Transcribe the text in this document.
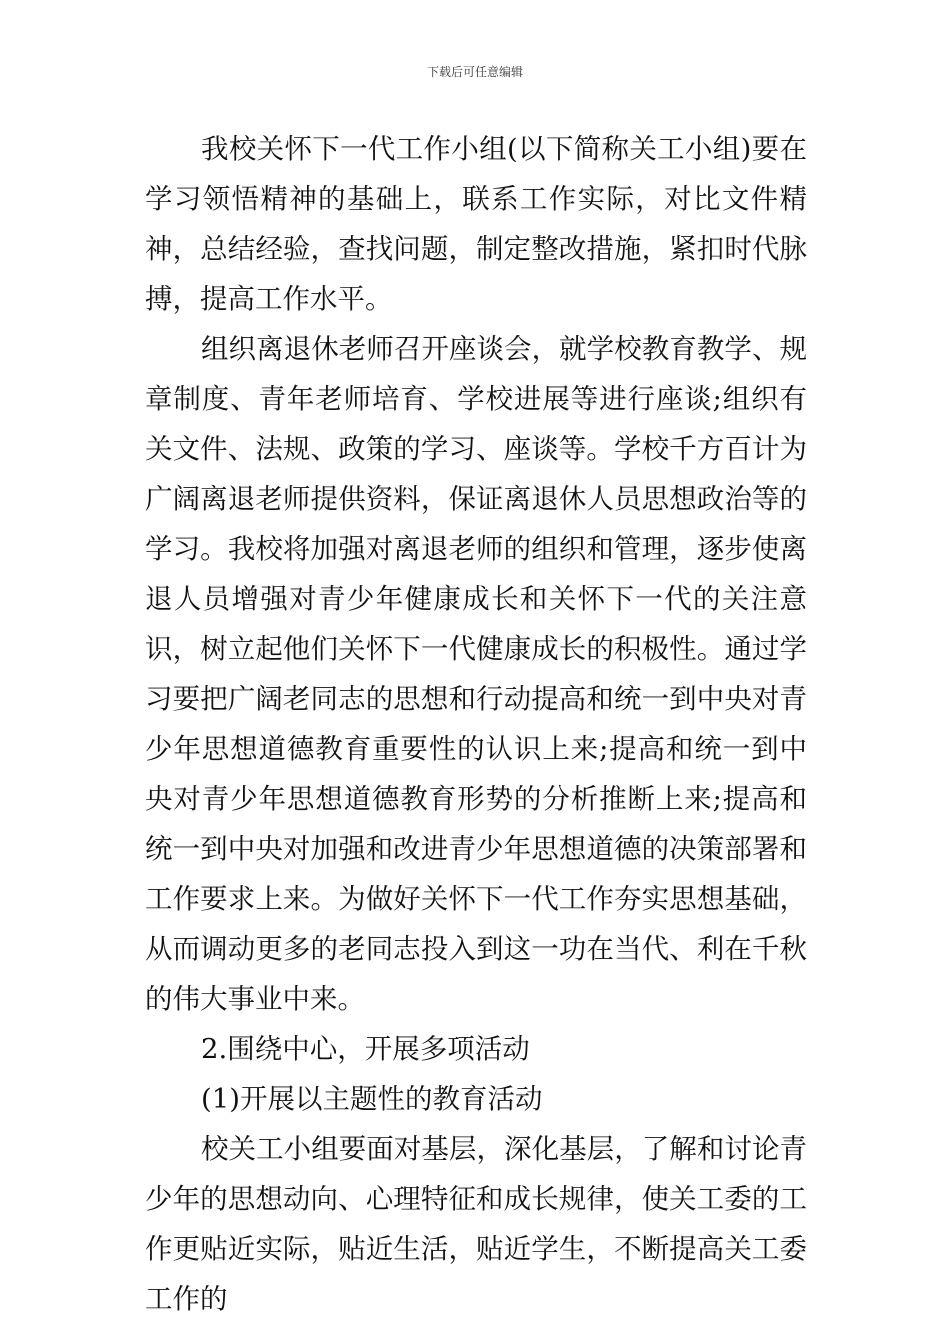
下载后可任意编辑

我校关怀下一代工作小组(以下简称关工小组)要在学习领悟精神的基础上，联系工作实际，对比文件精神，总结经验，查找问题，制定整改措施，紧扣时代脉搏，提高工作水平。

组织离退休老师召开座谈会，就学校教育教学、规章制度、青年老师培育、学校进展等进行座谈;组织有关文件、法规、政策的学习、座谈等。学校千方百计为广阔离退老师提供资料，保证离退休人员思想政治等的学习。我校将加强对离退老师的组织和管理，逐步使离退人员增强对青少年健康成长和关怀下一代的关注意识，树立起他们关怀下一代健康成长的积极性。通过学习要把广阔老同志的思想和行动提高和统一到中央对青少年思想道德教育重要性的认识上来;提高和统一到中央对青少年思想道德教育形势的分析推断上来;提高和统一到中央对加强和改进青少年思想道德的决策部署和工作要求上来。为做好关怀下一代工作夯实思想基础，从而调动更多的老同志投入到这一功在当代、利在千秋的伟大事业中来。

2.围绕中心，开展多项活动

(1)开展以主题性的教育活动

校关工小组要面对基层，深化基层，了解和讨论青少年的思想动向、心理特征和成长规律，使关工委的工作更贴近实际，贴近生活，贴近学生，不断提高关工委工作的
